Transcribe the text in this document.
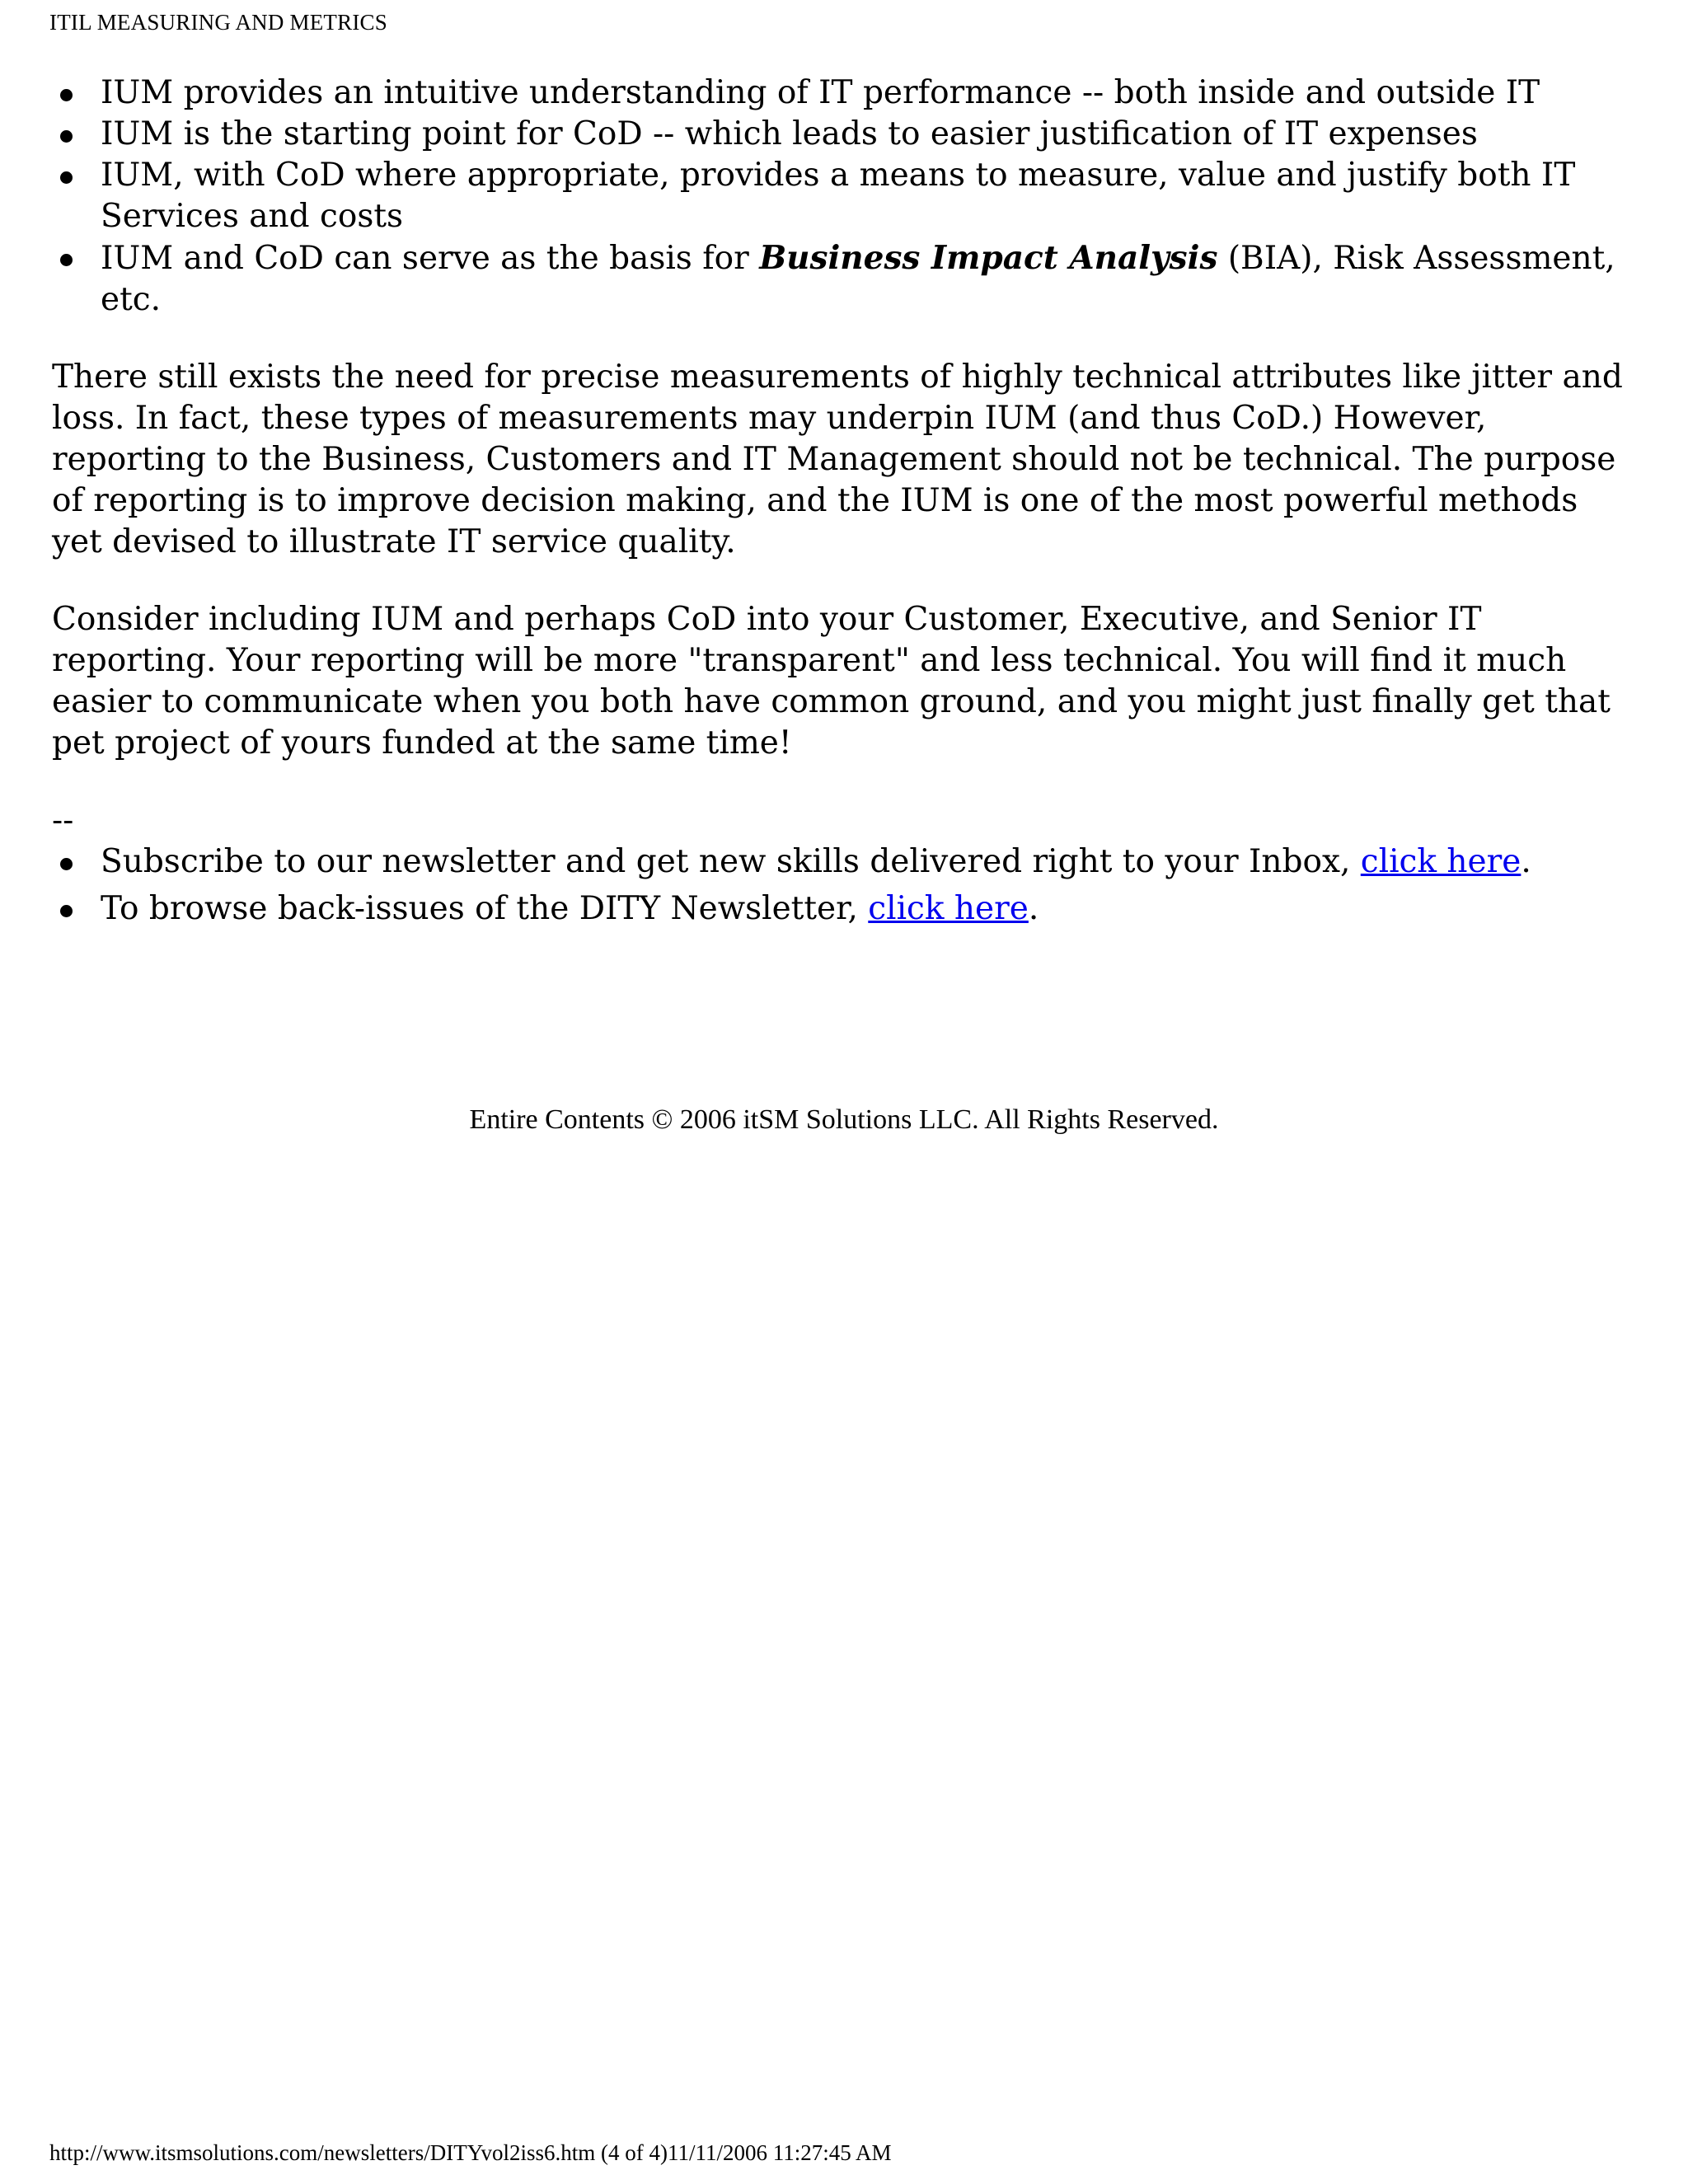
ITIL MEASURING AND METRICS
IUM provides an intuitive understanding of IT performance -- both inside and outside IT
IUM is the starting point for CoD -- which leads to easier justification of IT expenses
IUM, with CoD where appropriate, provides a means to measure, value and justify both IT Services and costs
IUM and CoD can serve as the basis for Business Impact Analysis (BIA), Risk Assessment, etc.

There still exists the need for precise measurements of highly technical attributes like jitter and loss. In fact, these types of measurements may underpin IUM (and thus CoD.) However, reporting to the Business, Customers and IT Management should not be technical. The purpose of reporting is to improve decision making, and the IUM is one of the most powerful methods yet devised to illustrate IT service quality.

Consider including IUM and perhaps CoD into your Customer, Executive, and Senior IT reporting. Your reporting will be more "transparent" and less technical. You will find it much easier to communicate when you both have common ground, and you might just finally get that pet project of yours funded at the same time!

--
Subscribe to our newsletter and get new skills delivered right to your Inbox, click here.
To browse back-issues of the DITY Newsletter, click here.
Entire Contents © 2006 itSM Solutions LLC. All Rights Reserved.
http://www.itsmsolutions.com/newsletters/DITYvol2iss6.htm (4 of 4)11/11/2006 11:27:45 AM
